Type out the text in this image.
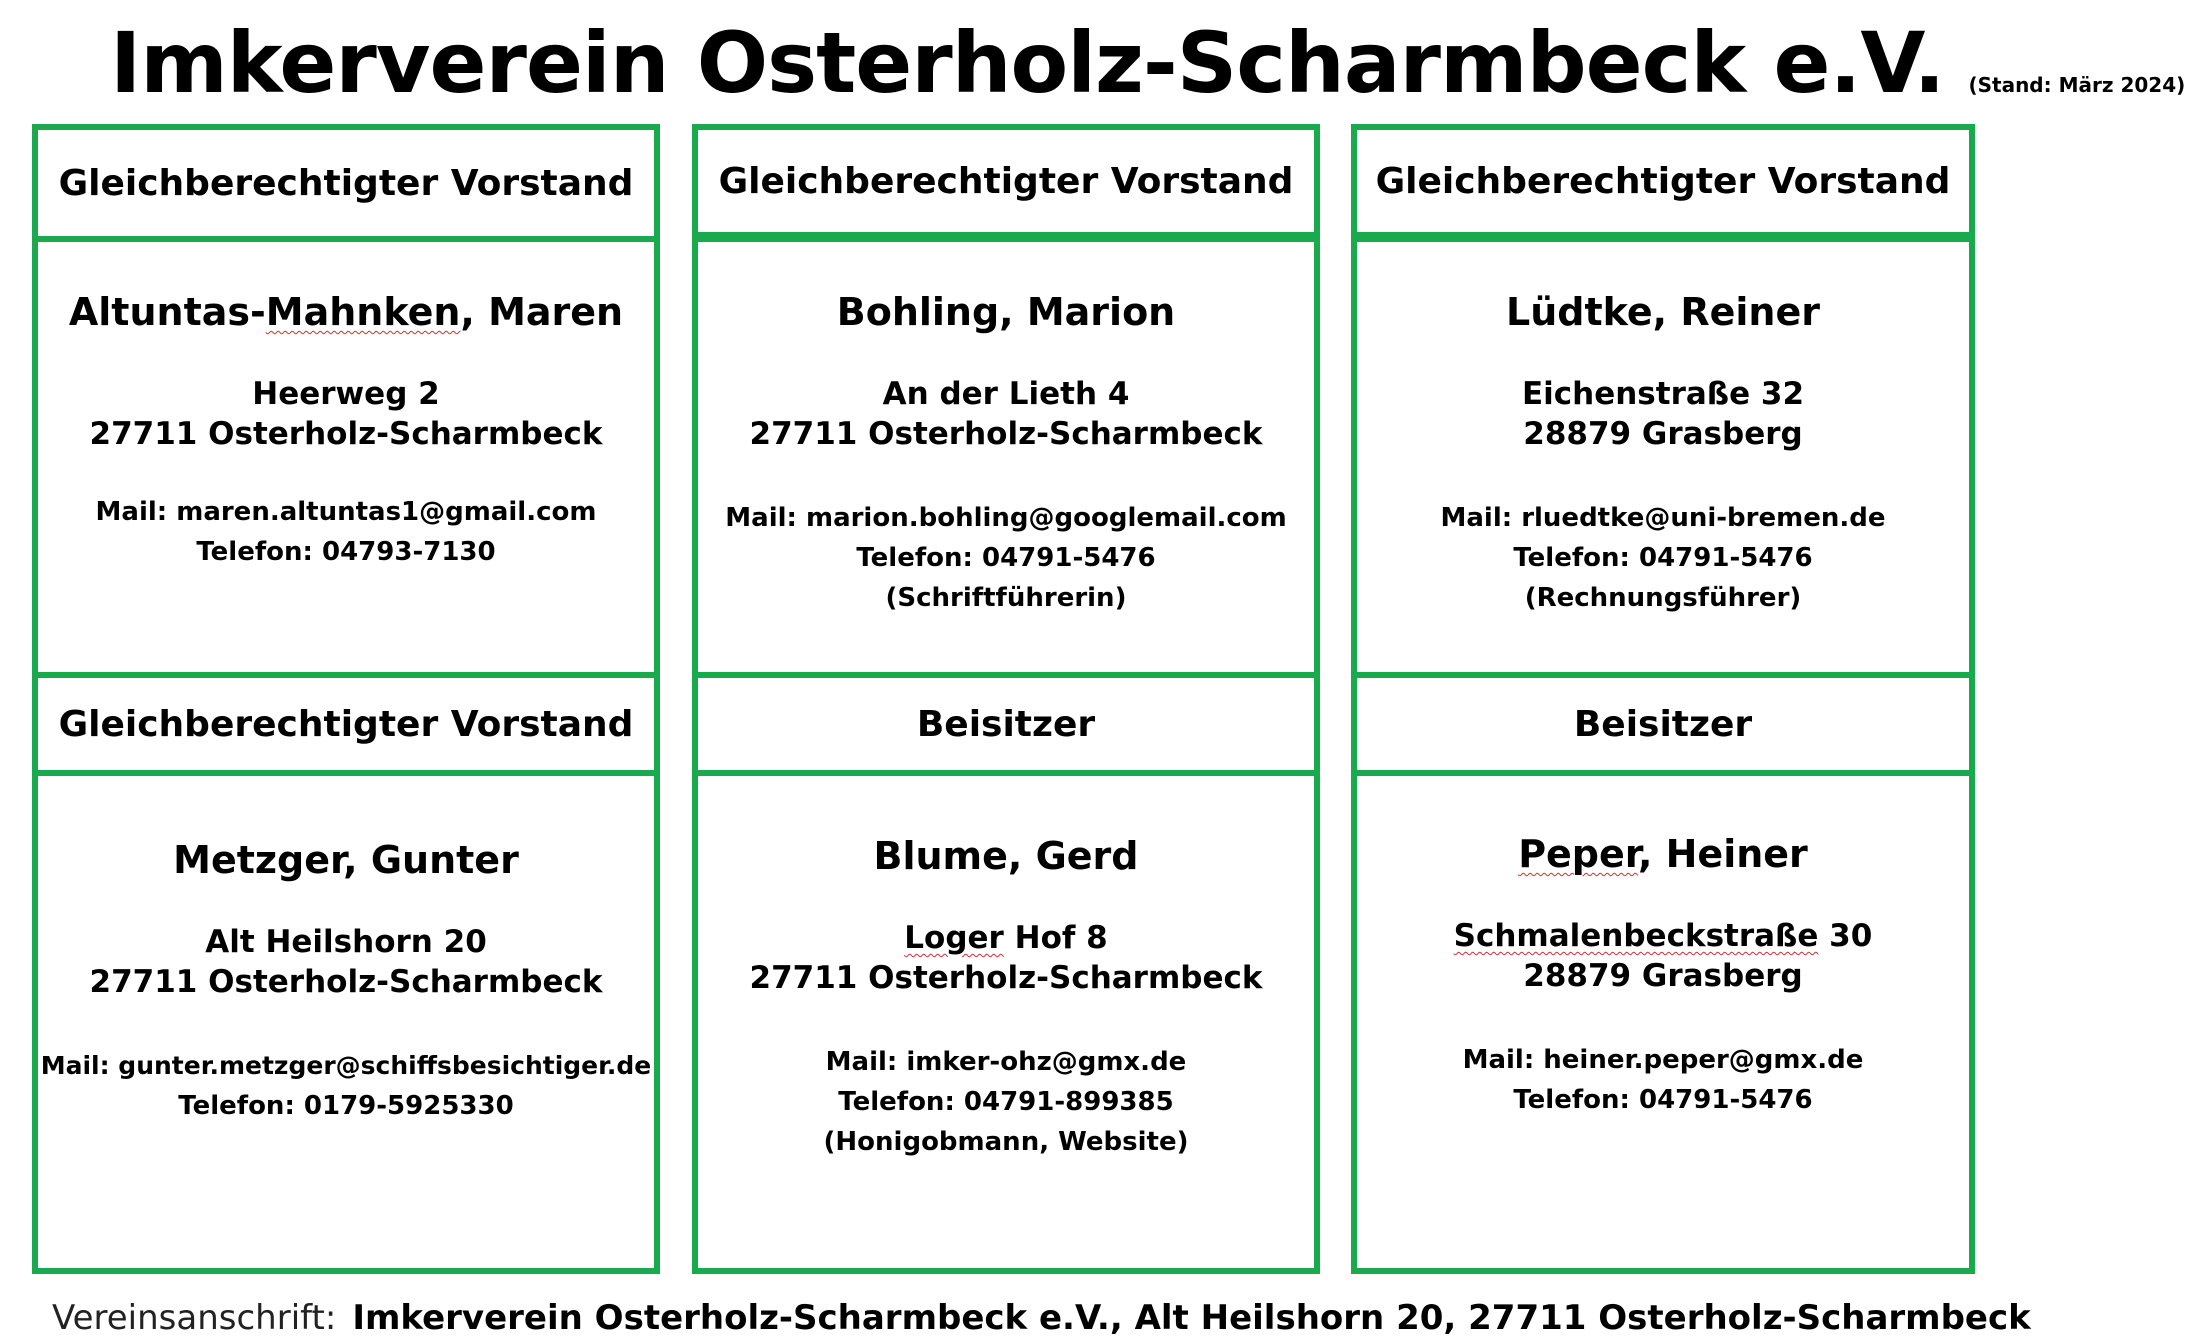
Imkerverein Osterholz-Scharmbeck e.V. (Stand: März 2024)
Gleichberechtigter Vorstand Gleichberechtigter Vorstand Gleichberechtigter Vorstand
Altuntas-Mahnken, Maren
Heerweg 2
27711 Osterholz-Scharmbeck
Mail: maren.altuntas1@gmail.com
Telefon: 04793-7130
Bohling, Marion
An der Lieth 4
27711 Osterholz-Scharmbeck
Mail: marion.bohling@googlemail.com
Telefon: 04791-5476
(Schriftführerin)
Lüdtke, Reiner
Eichenstraße 32
28879 Grasberg
Mail: rluedtke@uni-bremen.de
Telefon: 04791-5476
(Rechnungsführer)
Gleichberechtigter Vorstand	Beisitzer	Beisitzer
Metzger, Gunter
Alt Heilshorn 20
27711 Osterholz-Scharmbeck
Mail: gunter.metzger@schiffsbesichtiger.de
Telefon: 0179-5925330
Blume, Gerd
Loger Hof 8
27711 Osterholz-Scharmbeck
Mail: imker-ohz@gmx.de
Telefon: 04791-899385
(Honigobmann, Website)
Peper, Heiner
Schmalenbeckstraße 30
28879 Grasberg
Mail: heiner.peper@gmx.de
Telefon: 04791-5476
Vereinsanschrift: Imkerverein Osterholz-Scharmbeck e.V., Alt Heilshorn 20, 27711 Osterholz-Scharmbeck
